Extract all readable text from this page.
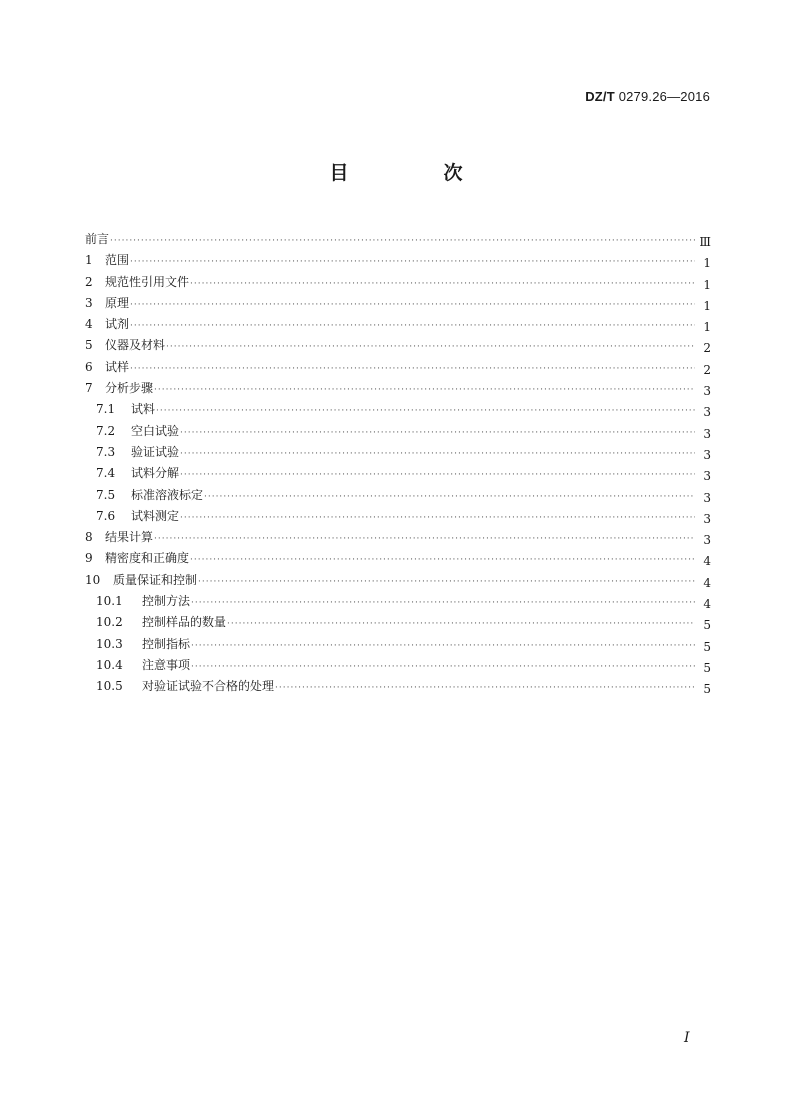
DZ/T 0279.26—2016
目　次
前言 ·····	Ⅲ
1	范围 ·····	1
2	规范性引用文件 ·····	1
3	原理 ·····	1
4	试剂 ·····	1
5	仪器及材料 ·····	2
6	试样 ·····	2
7	分析步骤 ·····	3
7.1	试料 ·····	3
7.2	空白试验 ·····	3
7.3	验证试验 ·····	3
7.4	试料分解 ·····	3
7.5	标准溶液标定 ·····	3
7.6	试料测定 ·····	3
8	结果计算 ·····	3
9	精密度和正确度 ·····	4
10	质量保证和控制 ·····	4
10.1	控制方法 ·····	4
10.2	控制样品的数量 ·····	5
10.3	控制指标 ·····	5
10.4	注意事项 ·····	5
10.5	对验证试验不合格的处理 ·····	5
I
